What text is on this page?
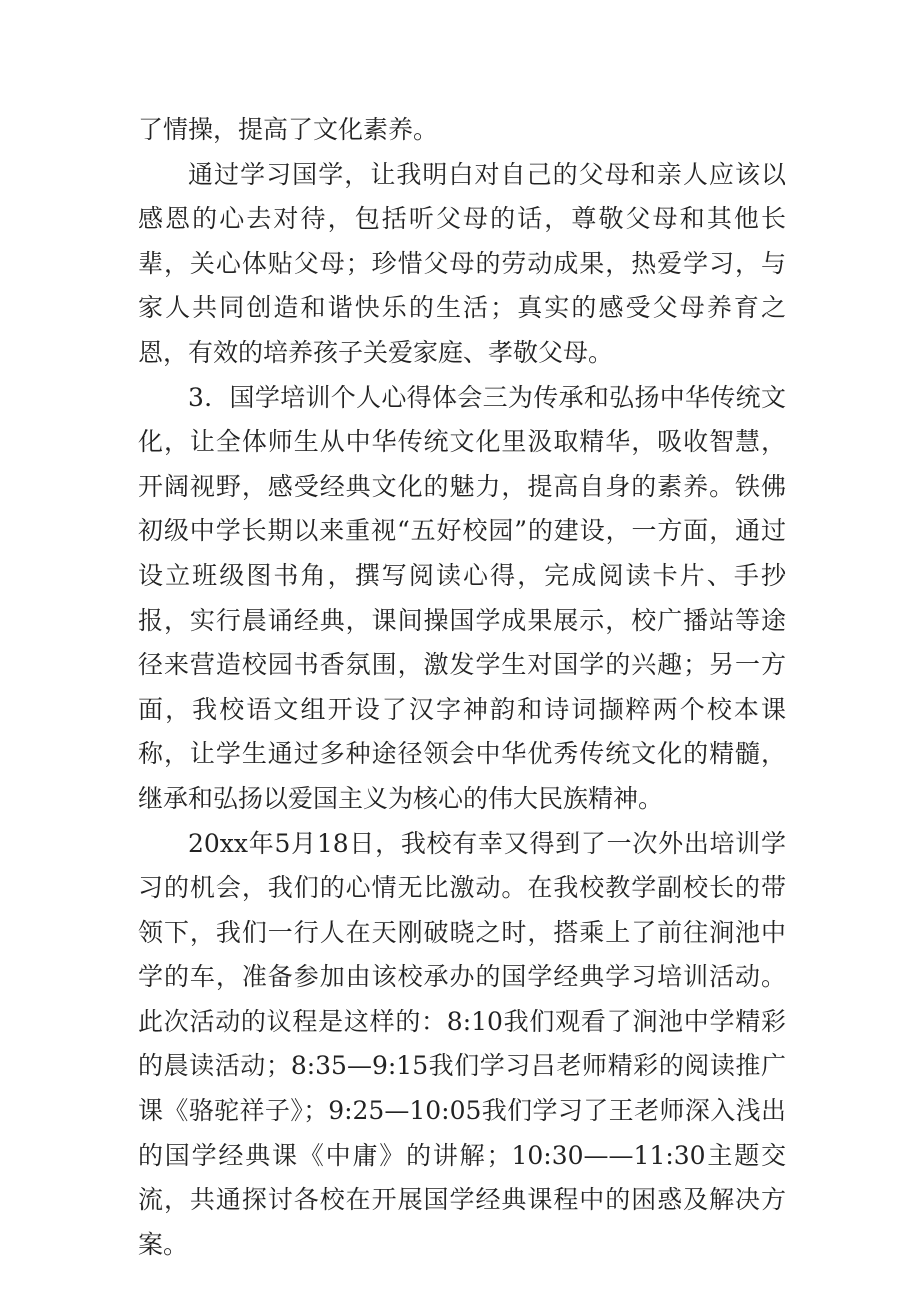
了情操，提高了文化素养。

通过学习国学，让我明白对自己的父母和亲人应该以感恩的心去对待，包括听父母的话，尊敬父母和其他长辈，关心体贴父母；珍惜父母的劳动成果，热爱学习，与家人共同创造和谐快乐的生活；真实的感受父母养育之恩，有效的培养孩子关爱家庭、孝敬父母。

3．国学培训个人心得体会三为传承和弘扬中华传统文化，让全体师生从中华传统文化里汲取精华，吸收智慧，开阔视野，感受经典文化的魅力，提高自身的素养。铁佛初级中学长期以来重视“五好校园”的建设，一方面，通过设立班级图书角，撰写阅读心得，完成阅读卡片、手抄报，实行晨诵经典，课间操国学成果展示，校广播站等途径来营造校园书香氛围，激发学生对国学的兴趣；另一方面，我校语文组开设了汉字神韵和诗词撷粹两个校本课称，让学生通过多种途径领会中华优秀传统文化的精髓，继承和弘扬以爱国主义为核心的伟大民族精神。

20xx年5月18日，我校有幸又得到了一次外出培训学习的机会，我们的心情无比激动。在我校教学副校长的带领下，我们一行人在天刚破晓之时，搭乘上了前往涧池中学的车，准备参加由该校承办的国学经典学习培训活动。此次活动的议程是这样的：8:10我们观看了涧池中学精彩的晨读活动；8:35—9:15我们学习吕老师精彩的阅读推广课《骆驼祥子》；9:25—10:05我们学习了王老师深入浅出的国学经典课《中庸》的讲解；10:30——11:30主题交流，共通探讨各校在开展国学经典课程中的困惑及解决方案。
